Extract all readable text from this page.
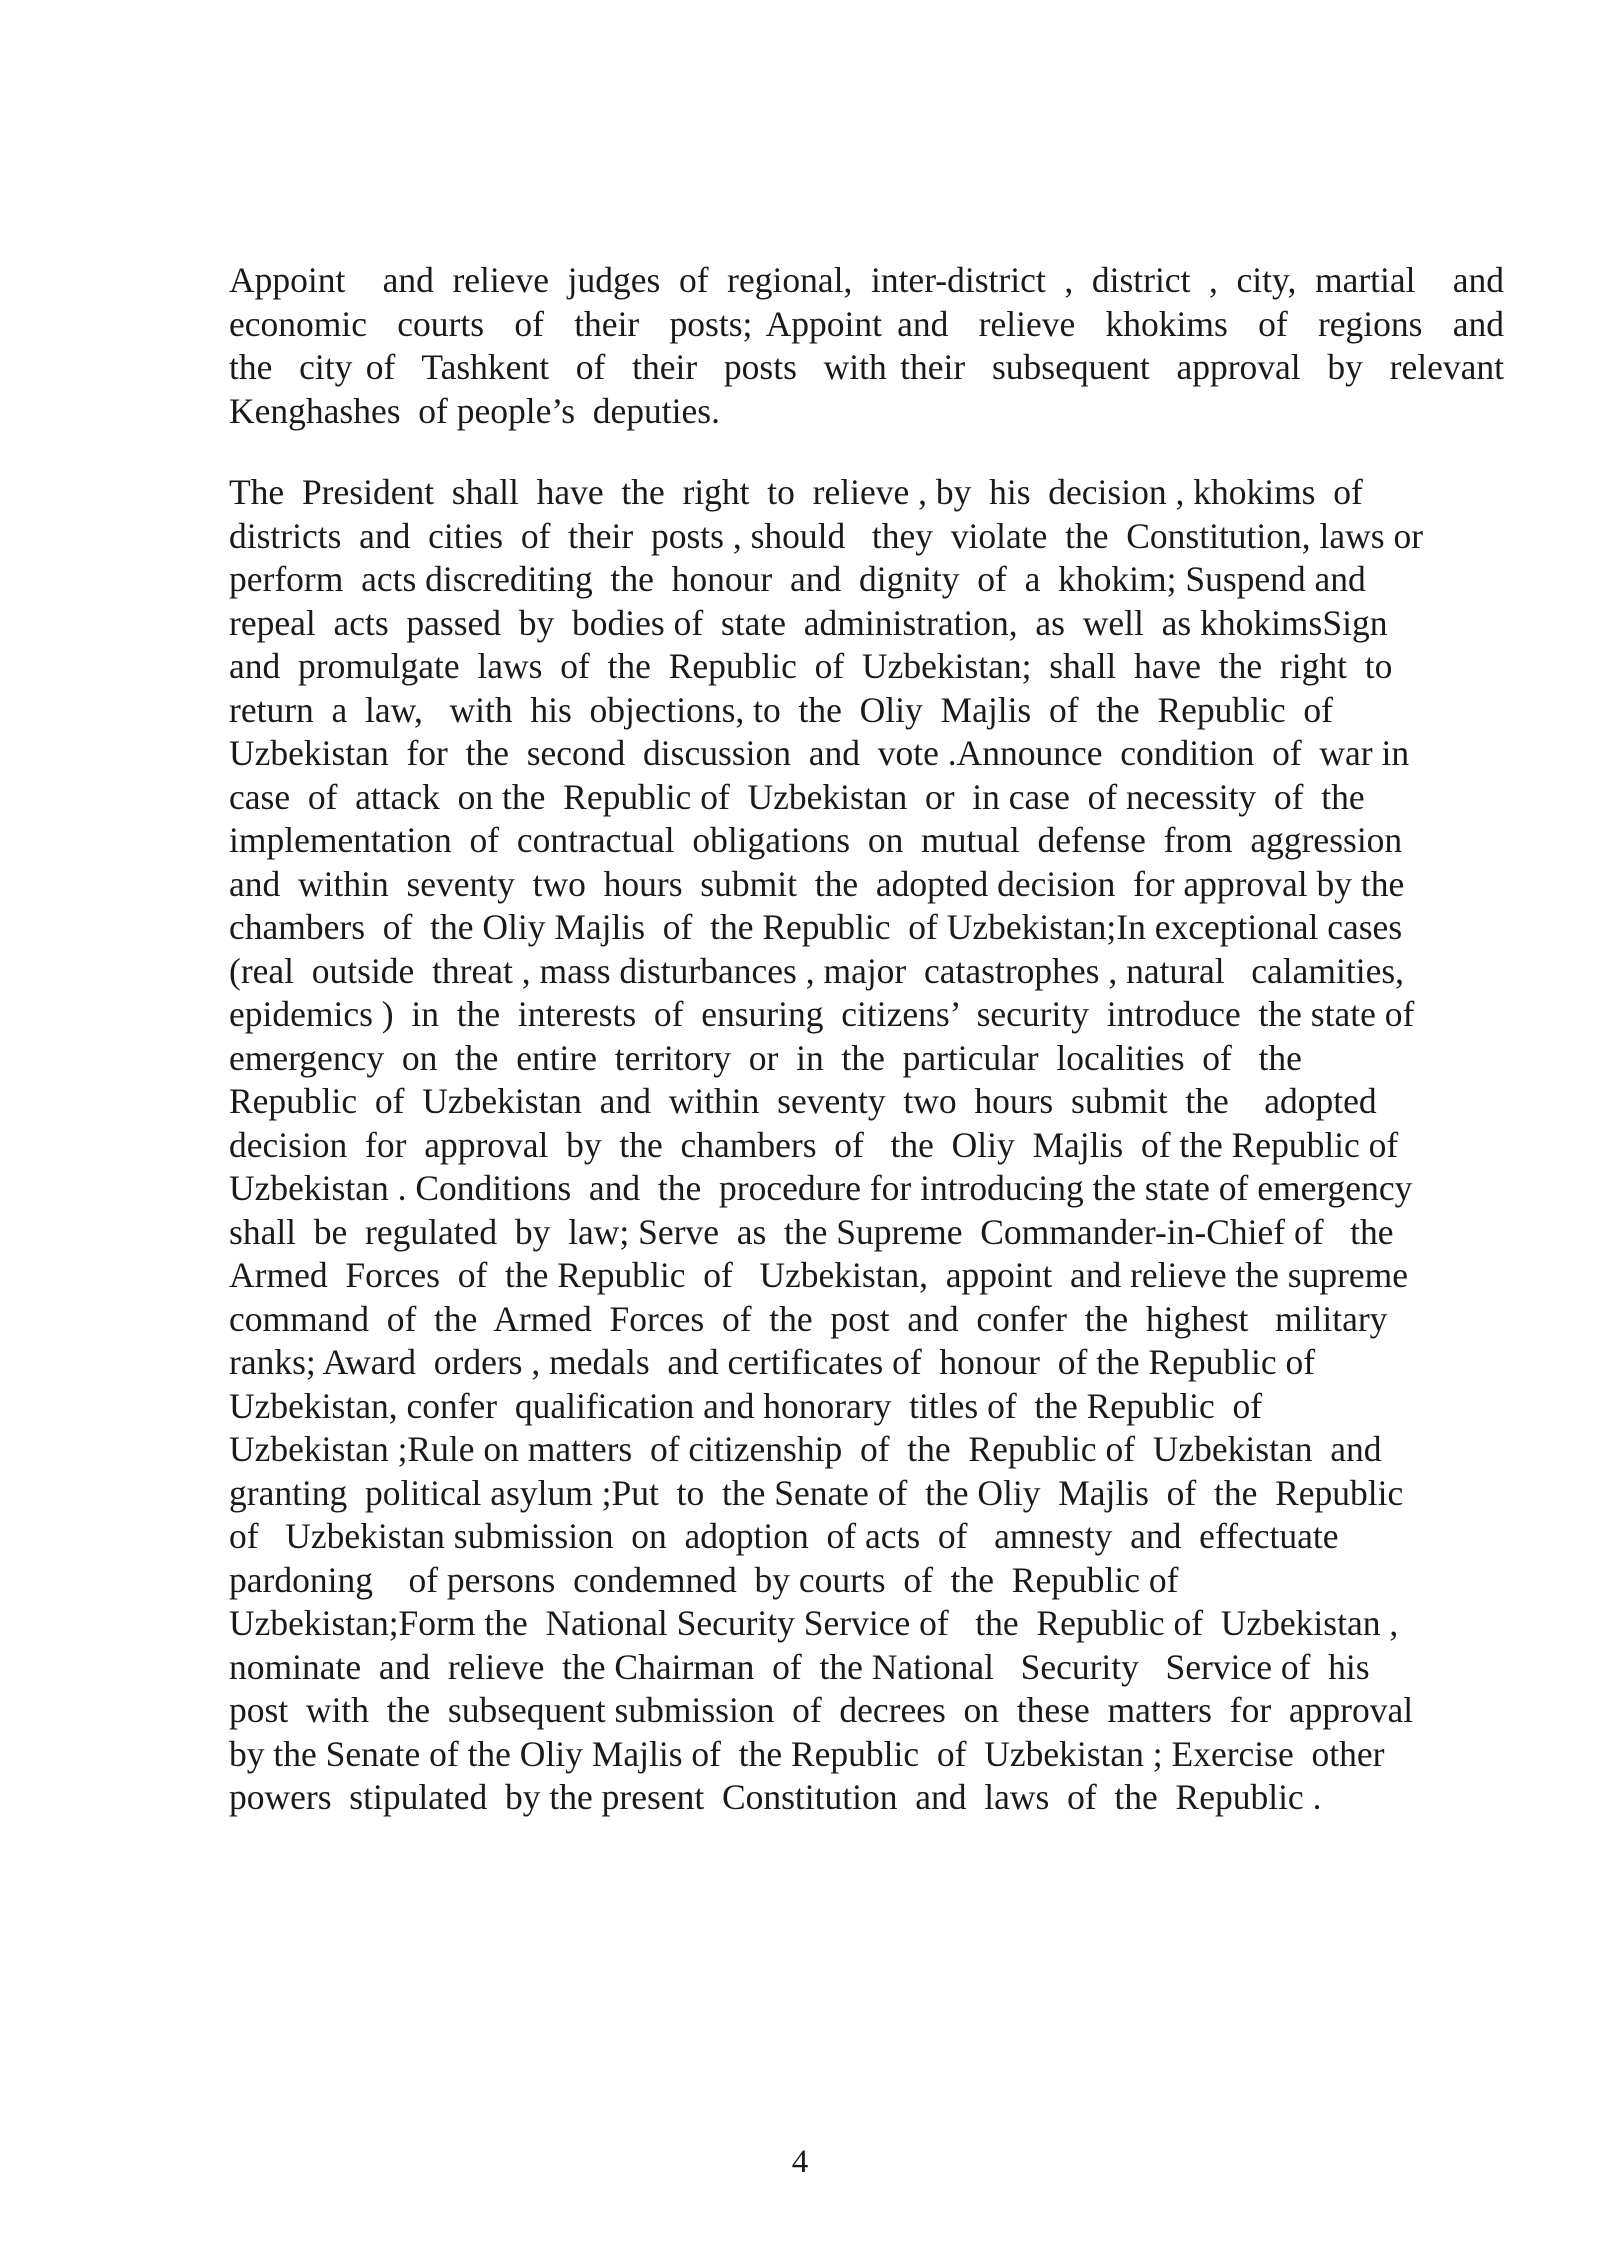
Appoint  and relieve judges of regional, inter-district , district , city, martial  and
economic  courts  of  their  posts; Appoint and  relieve  khokims  of  regions  and
the  city of  Tashkent  of  their  posts  with their  subsequent  approval  by  relevant
Kenghashes  of people’s  deputies.
The  President  shall  have  the  right  to  relieve , by  his  decision , khokims  of
districts  and  cities  of  their  posts , should   they  violate  the  Constitution, laws or
perform  acts discrediting  the  honour  and  dignity  of  a  khokim; Suspend and
repeal  acts  passed  by  bodies of  state  administration,  as  well  as khokimsSign
and  promulgate  laws  of  the  Republic  of  Uzbekistan;  shall  have  the  right  to
return  a  law,   with  his  objections, to  the  Oliy  Majlis  of  the  Republic  of
Uzbekistan  for  the  second  discussion  and  vote .Announce  condition  of  war in
case  of  attack  on the  Republic of  Uzbekistan  or  in case  of necessity  of  the
implementation  of  contractual  obligations  on  mutual  defense  from  aggression
and  within  seventy  two  hours  submit  the  adopted decision  for approval by the
chambers  of  the Oliy Majlis  of  the Republic  of Uzbekistan;In exceptional cases
(real  outside  threat , mass disturbances , major  catastrophes , natural   calamities,
epidemics )  in  the  interests  of  ensuring  citizens’  security  introduce  the state of
emergency  on  the  entire  territory  or  in  the  particular  localities  of   the
Republic  of  Uzbekistan  and  within  seventy  two  hours  submit  the    adopted
decision  for  approval  by  the  chambers  of   the  Oliy  Majlis  of the Republic of
Uzbekistan . Conditions  and  the  procedure for introducing the state of emergency
shall  be  regulated  by  law; Serve  as  the Supreme  Commander-in-Chief of   the
Armed  Forces  of  the Republic  of   Uzbekistan,  appoint  and relieve the supreme
command  of  the  Armed  Forces  of  the  post  and  confer  the  highest   military
ranks; Award  orders , medals  and certificates of  honour  of the Republic of
Uzbekistan, confer  qualification and honorary  titles of  the Republic  of
Uzbekistan ;Rule on matters  of citizenship  of  the  Republic of  Uzbekistan  and
granting  political asylum ;Put  to  the Senate of  the Oliy  Majlis  of  the  Republic
of   Uzbekistan submission  on  adoption  of acts  of   amnesty  and  effectuate
pardoning    of persons  condemned  by courts  of  the  Republic of
Uzbekistan;Form the  National Security Service of   the  Republic of  Uzbekistan ,
nominate  and  relieve  the Chairman  of  the National   Security   Service of  his
post  with  the  subsequent submission  of  decrees  on  these  matters  for  approval
by the Senate of the Oliy Majlis of  the Republic  of  Uzbekistan ; Exercise  other
powers  stipulated  by the present  Constitution  and  laws  of  the  Republic .
4
